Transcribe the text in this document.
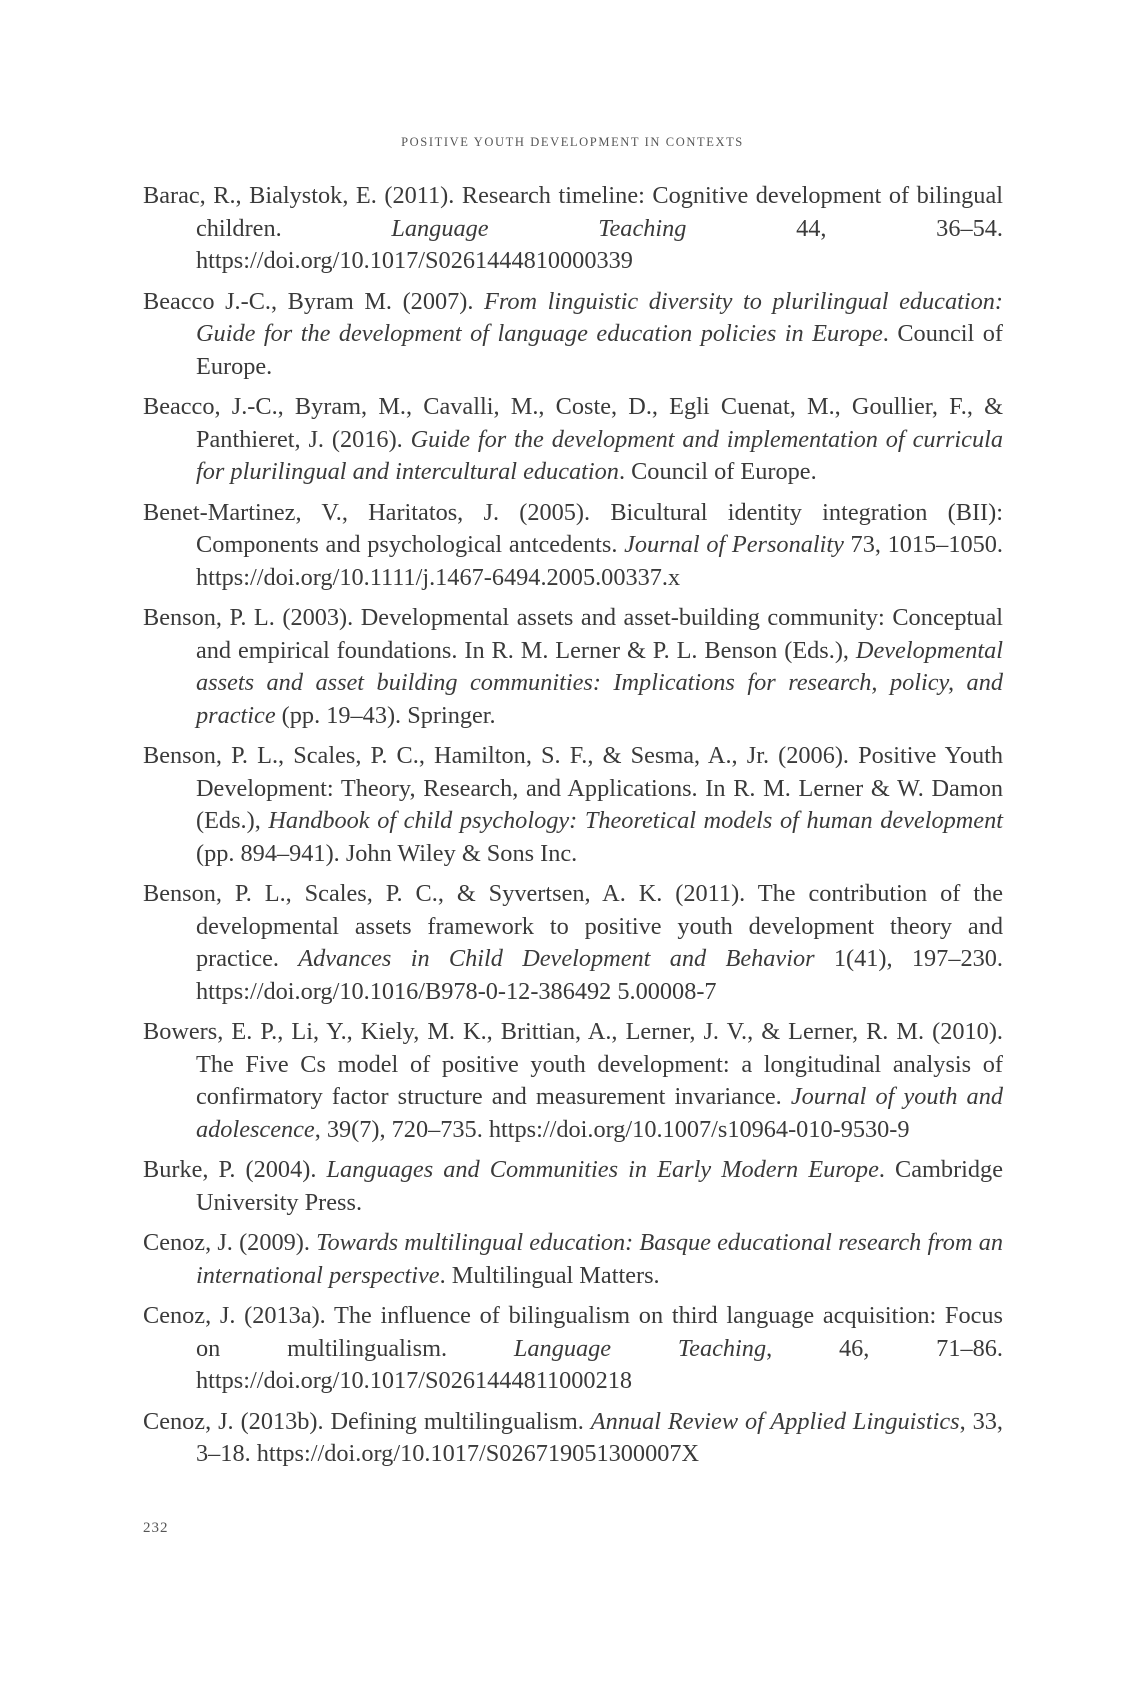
POSITIVE YOUTH DEVELOPMENT IN CONTEXTS

Barac, R., Bialystok, E. (2011). Research timeline: Cognitive development of bilingual children. Language Teaching 44, 36–54. https://doi.org/10.1017/S0261444810000339

Beacco J.-C., Byram M. (2007). From linguistic diversity to plurilingual education: Guide for the development of language education policies in Europe. Council of Europe.

Beacco, J.-C., Byram, M., Cavalli, M., Coste, D., Egli Cuenat, M., Goullier, F., & Panthieret, J. (2016). Guide for the development and implementation of curricula for plurilingual and intercultural education. Council of Europe.

Benet-Martinez, V., Haritatos, J. (2005). Bicultural identity integration (BII): Components and psychological antcedents. Journal of Personality 73, 1015–1050. https://doi.org/10.1111/j.1467-6494.2005.00337.x

Benson, P. L. (2003). Developmental assets and asset-building community: Conceptual and empirical foundations. In R. M. Lerner & P. L. Benson (Eds.), Developmental assets and asset building communities: Implications for research, policy, and practice (pp. 19–43). Springer.

Benson, P. L., Scales, P. C., Hamilton, S. F., & Sesma, A., Jr. (2006). Positive Youth Development: Theory, Research, and Applications. In R. M. Lerner & W. Damon (Eds.), Handbook of child psychology: Theoretical models of human development (pp. 894–941). John Wiley & Sons Inc.

Benson, P. L., Scales, P. C., & Syvertsen, A. K. (2011). The contribution of the developmental assets framework to positive youth development theory and practice. Advances in Child Development and Behavior 1(41), 197–230. https://doi.org/10.1016/B978-0-12-386492 5.00008-7

Bowers, E. P., Li, Y., Kiely, M. K., Brittian, A., Lerner, J. V., & Lerner, R. M. (2010). The Five Cs model of positive youth development: a longitudinal analysis of confirmatory factor structure and measurement invariance. Journal of youth and adolescence, 39(7), 720–735. https://doi.org/10.1007/s10964-010-9530-9

Burke, P. (2004). Languages and Communities in Early Modern Europe. Cambridge University Press.

Cenoz, J. (2009). Towards multilingual education: Basque educational research from an international perspective. Multilingual Matters.

Cenoz, J. (2013a). The influence of bilingualism on third language acquisition: Focus on multilingualism. Language Teaching, 46, 71–86. https://doi.org/10.1017/S0261444811000218

Cenoz, J. (2013b). Defining multilingualism. Annual Review of Applied Linguistics, 33, 3–18. https://doi.org/10.1017/S026719051300007X

232
